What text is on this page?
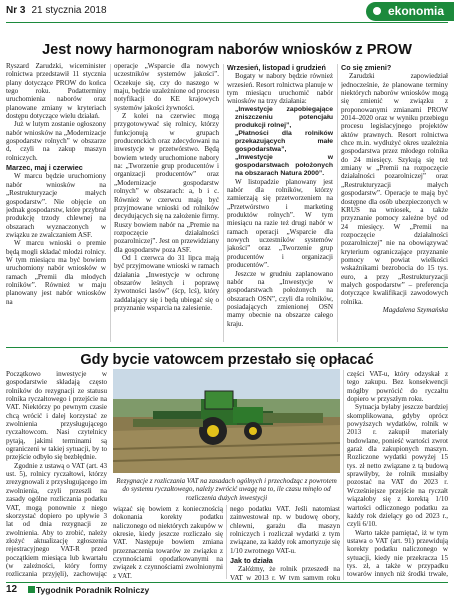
Nr 3 21 stycznia 2018	ekonomia
Jest nowy harmonogram naborów wniosków z PROW

Ryszard Zarudzki, wiceminister rolnictwa przedstawił 11 stycznia plany dotyczące PROW do końca tego roku. Podatterminy uruchomienia naborów oraz planowane zmiany w kryteriach dostępu dotyczące wielu działań.

Już w lutym zostanie ogłoszony nabór wniosków na „Modernizacje gospodarstw rolnych” w obszarze d, czyli na zakup maszyn rolniczych.

Marzec, maj i czerwiec

W marcu będzie uruchomiony nabór wniosków na „Restrukturyzacje małych gospodarstw”. Nie objęcie on jednak gospodarstw, które przybrał produkcję trzody chlewnej na obszarach wyznaczonych w związku ze zwalczaniem ASF.

W marcu wnioski o premie będą mogli składać młodzi rolnicy. W tym miesiącu ma być bowiem uruchomiony nabór wniosków w ramach „Premii dla młodych rolników”. Również w maju planowany jest nabór wniosków na

operacje „Wsparcie dla nowych uczestników systemów jakości”. Oczekuje się, czy do naszego w maju, będzie uzależnione od procesu notyfikacji do KE krajowych systemów jakości żywności.

Z kolei na czerwiec mogą przygotowywać się rolnicy, którzy funkcjonują w grupach producenckich oraz zdecydowani na inwestycje w przetwórstwo. Będą bowiem wtedy uruchomione nabory na: „Tworzenie grup producentów i organizacji producentów” oraz „Modernizacje gospodarstw rolnych” w obszarach: a, b i c. Również w czerwcu mają być przyjmowane wnioski od rolników decydujących się na założenie firmy. Ruszy bowiem nabór na „Premie na rozpoczęcie działalności pozarolniczej”. Jest on przewidziany dla gospodarstw poza ASF.

Od 1 czerwca do 31 lipca mają być przyjmowane wnioski w ramach działania „Inwestycje w ochronę obszarów leśnych i poprawę żywotności lasów” (ścp, lcś), który zaddalający się i będą ubiegać się o przyznanie wsparcia na zalesienie.

Wrzesień, listopad i grudzień

Bogaty w nabory będzie również wrzesień. Resort rolnictwa planuje w tym miesiącu uruchomić nabór wniosków na trzy działania:

• „Inwestycje zapobiegające zniszczeniu potencjału produkcji rolnej”,
• „Płatności dla rolników przekazujących małe gospodarstwa”,
• „Inwestycje w gospodarstwach położonych na obszarach Natura 2000”.

W listopadzie planowany jest nabór dla rolników, którzy zamierzają się przetworzeniem na „Przetwórstwo i marketing produktów rolnych”. W tym miesiącu na razie też drugi nabór w ramach operacji „Wsparcie dla nowych uczestników systemów jakości” oraz „Tworzenie grup producentów i organizacji producentów”.

Jeszcze w grudniu zaplanowano nabór na „Inwestycje w gospodarstwach położonych na obszarach OSN”, czyli dla rolników, posiadających zmienionej OSN mamy obecnie na obszarze całego kraju.

Co się zmieni?

Zarudzki zapowiedział jednocześnie, że planowane terminy niektórych naborów wniosków mogą się zmienić w związku z proponowanymi zmianami PROW 2014–2020 oraz w wyniku przebiegu procesu legislacyjnego projektów aktów prawnych. Resort rolnictwa chce m.in. wydłużyć okres uzależnia gospodarstwa przez młodego rolnika do 24 miesięcy. Szykują się też zmiany w „Premii na rozpoczęcie działalności pozarolniczej” oraz „Restrukturyzacji małych gospodarstw”. Operacje te mają być dostępne dla osób ubezpieczonych w KRUS na wniosek, a także przyznanie pomocy zależne być od 24 miesięcy. W „Premii na rozpoczęcie działalności pozarolniczej” nie na obowiązywać kryterium ograniczające przyznanie pomocy w powiat wielkości wskaźnikami bezrobocia do 15 tys. euro, a przy „Restrukturyzacji małych gospodarstw” – preferencja dotyczące kwalifikacji zawodowych rolnika.

Magdalena Szymańska

Gdy bycie vatowcem przestało się opłacać

Początkowo inwestycje w gospodarstwie składają często rolników do rezygnacji ze statusu rolnika ryczałtowego i przejście na VAT. Niektórzy po pewnym czasie chcą wrócić i dalej korzystać ze zwolnienia przysługującego ryczałtowcom. Nasi czytelnicy pytają, jakimi terminami są ograniczeni w takiej sytuacji, by to przejście odbyło się bezbłędnie.

Zgodnie z ustawą o VAT (art. 43 ust. 5), rolnicy ryczałtowi, którzy zrezygnowali z przysługującego im zwolnienia, czyli przeszli na zasady ogólne rozliczania podatku VAT, mogą ponownie z niego skorzystać dopiero po upływie 3 lat od dnia rezygnacji ze zwolnienia. Aby to zrobić, należy złożyć aktualizację zgłoszenia rejestracyjnego VAT-R przed początkiem miesiąca lub kwartału (w zależności, który formy rozliczania przyjęli), zachowując

Rezygnacje z rozliczania VAT na zasadach ogólnych i przechodząc z powrotem do systemu ryczałtowego, należy zwrócić uwagę na to, ile czasu minęło od rozliczenia dużych inwestycji

wiązać się bowiem z koniecznością dokonania korekty podatku naliczonego od niektórych zakupów w okresie, kiedy jeszcze rozliczało się VAT. Następuje bowiem zmiana przeznaczenia towarów ze związku z czynnościami opodatkowanymi na związek z czynnościami zwolnionymi z VAT.

nego podatku VAT. Jeśli natomiast zainwestował np. w budowę obory, chlewni, garażu dla maszyn rolniczych i rozliczał wydatki z tym związane, za każdy rok amortyzuje się 1/10 zwrotnego VAT-u.

Jak to działa

Załóżmy, że rolnik przeszedł na VAT w 2013 r. W tym samym roku

części VAT-u, który odzyskał z tego zakupu. Bez konsekwencji mógłby powrócić do ryczałtu dopiero w przyszłym roku.

Sytuacja byłaby jeszcze bardziej skomplikowana, gdyby oprócz powyższych wydatków, rolnik w 2013 r. zakupił materiały budowlane, ponieść wartości zwrot garaż dla zakupionych maszyn. Rozliczone wydatki powyżej 15 tys. zł netto związane z tą budową sprawiłyby, że rolnik musiałby pozostać na VAT do 2023 r. Wcześniejsze przejście na ryczałt wiązałoby się z korektą 1/10 wartości odliczonego podatku za każdy rok dzielący go od 2023 r., czyli 6/10.

Warto także pamiętać, iż w tym ustawa o VAT (art. 91) przewidują korekty podatku naliczonego w sytuacji, kiedy nie przekracza 15 tys. zł, a także w przypadku towarów innych niż środki trwałe,

12	Tygodnik Poradnik Rolniczy
